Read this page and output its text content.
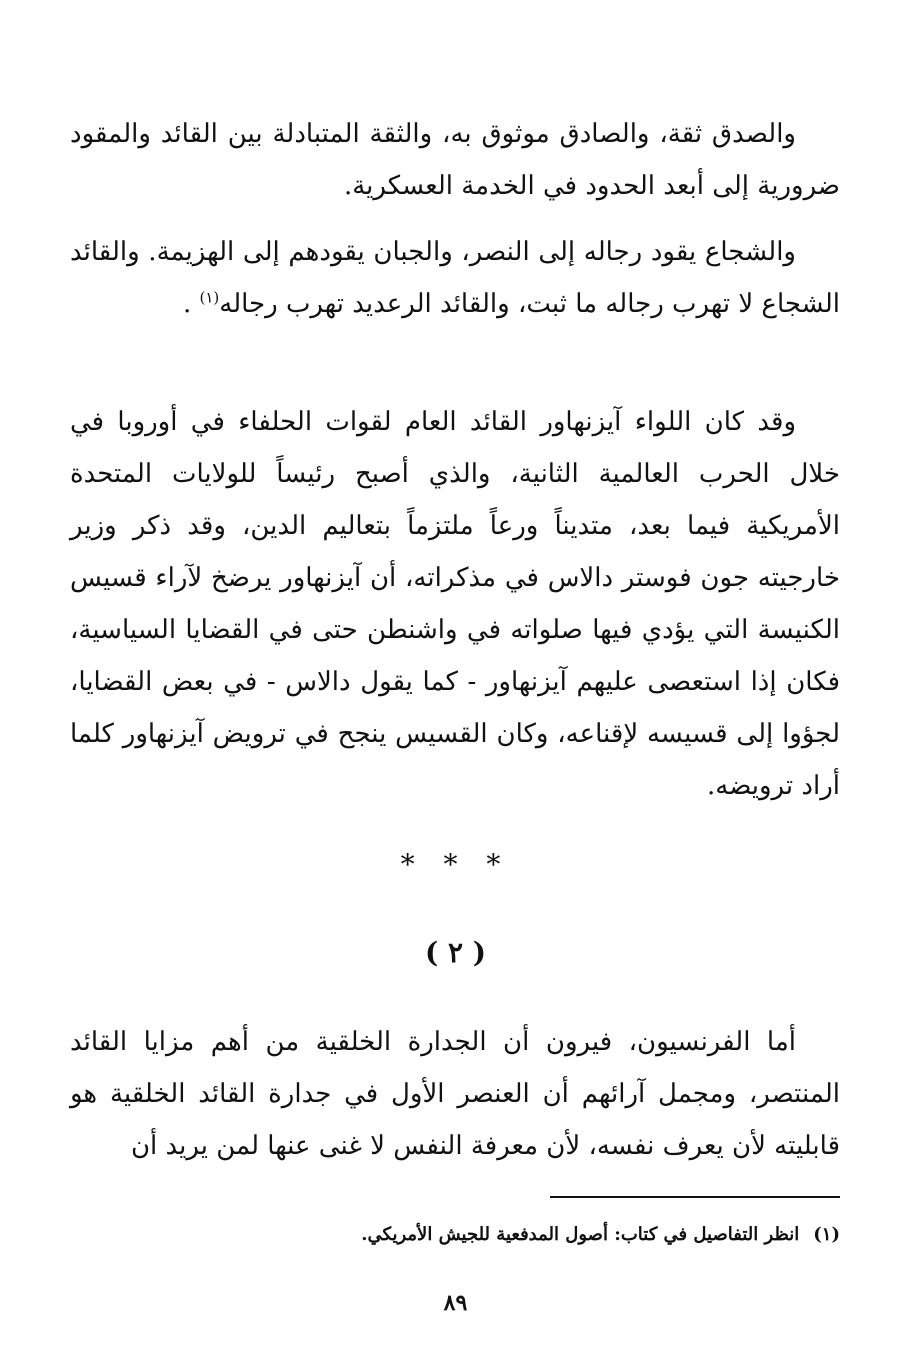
والصدق ثقة، والصادق موثوق به، والثقة المتبادلة بين القائد والمقود ضرورية إلى أبعد الحدود في الخدمة العسكرية.

والشجاع يقود رجاله إلى النصر، والجبان يقودهم إلى الهزيمة. والقائد الشجاع لا تهرب رجاله ما ثبت، والقائد الرعديد تهرب رجاله$^{(١)}$ .

وقد كان اللواء آيزنهاور القائد العام لقوات الحلفاء في أوروبا في خلال الحرب العالمية الثانية، والذي أصبح رئيساً للولايات المتحدة الأمريكية فيما بعد، متديناً ورعاً ملتزماً بتعاليم الدين، وقد ذكر وزير خارجيته جون فوستر دالاس في مذكراته، أن آيزنهاور يرضخ لآراء قسيس الكنيسة التي يؤدي فيها صلواته في واشنطن حتى في القضايا السياسية، فكان إذا استعصى عليهم آيزنهاور - كما يقول دالاس - في بعض القضايا، لجؤوا إلى قسيسه لإقناعه، وكان القسيس ينجح في ترويض آيزنهاور كلما أراد ترويضه.

* * *
( ٢ )

أما الفرنسيون، فيرون أن الجدارة الخلقية من أهم مزايا القائد المنتصر، ومجمل آرائهم أن العنصر الأول في جدارة القائد الخلقية هو قابليته لأن يعرف نفسه، لأن معرفة النفس لا غنى عنها لمن يريد أن

(١)انظر التفاصيل في كتاب: أصول المدفعية للجيش الأمريكي.
٨٩
